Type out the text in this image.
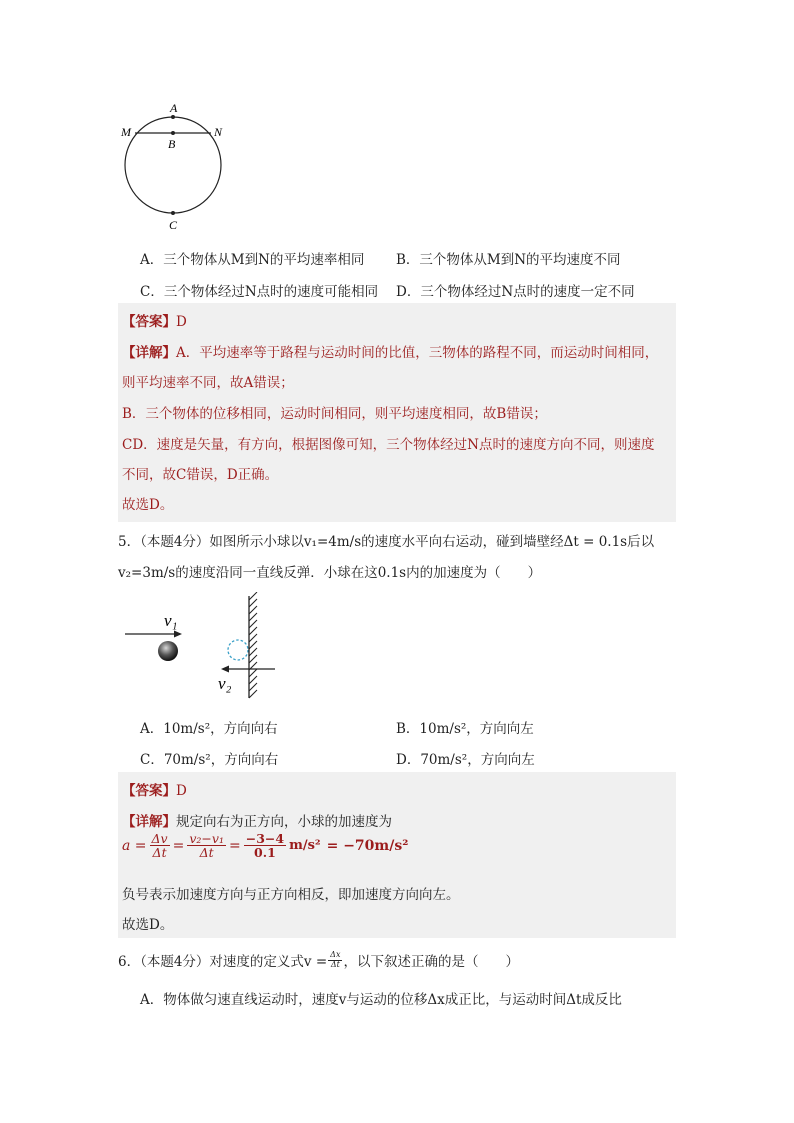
A
B
C
M	N
A．三个物体从M到N的平均速率相同 B．三个物体从M到N的平均速度不同
C．三个物体经过N点时的速度可能相同 D．三个物体经过N点时的速度一定不同
【答案】D
【详解】A．平均速率等于路程与运动时间的比值，三物体的路程不同，而运动时间相同，
则平均速率不同，故A错误；
B．三个物体的位移相同，运动时间相同，则平均速度相同，故B错误；
CD．速度是矢量，有方向，根据图像可知，三个物体经过N点时的速度方向不同，则速度
不同，故C错误，D正确。
故选D。
5．（本题4分）如图所示小球以v₁=4m/s的速度水平向右运动，碰到墙壁经Δt = 0.1s后以
v₂=3m/s的速度沿同一直线反弹．小球在这0.1s内的加速度为（　　）
v₁
v₂
A．10m/s²，方向向右	B．10m/s²，方向向左
C．70m/s²，方向向右	D．70m/s²，方向向左
【答案】D
【详解】规定向右为正方向，小球的加速度为
$a = \frac{\Delta v}{\Delta t} = \frac{\text{v₂−v₁}}{\Delta t} = \frac{-3-4}{0.1} m/s^2 = -70m/s^2$
负号表示加速度方向与正方向相反，即加速度方向向左。
故选D。
6．（本题4分）对速度的定义式$v = \frac{\Delta x}{\Delta t}$ ，以下叙述正确的是（　　）
A．物体做匀速直线运动时，速度v与运动的位移Δx成正比，与运动时间Δt成反比
